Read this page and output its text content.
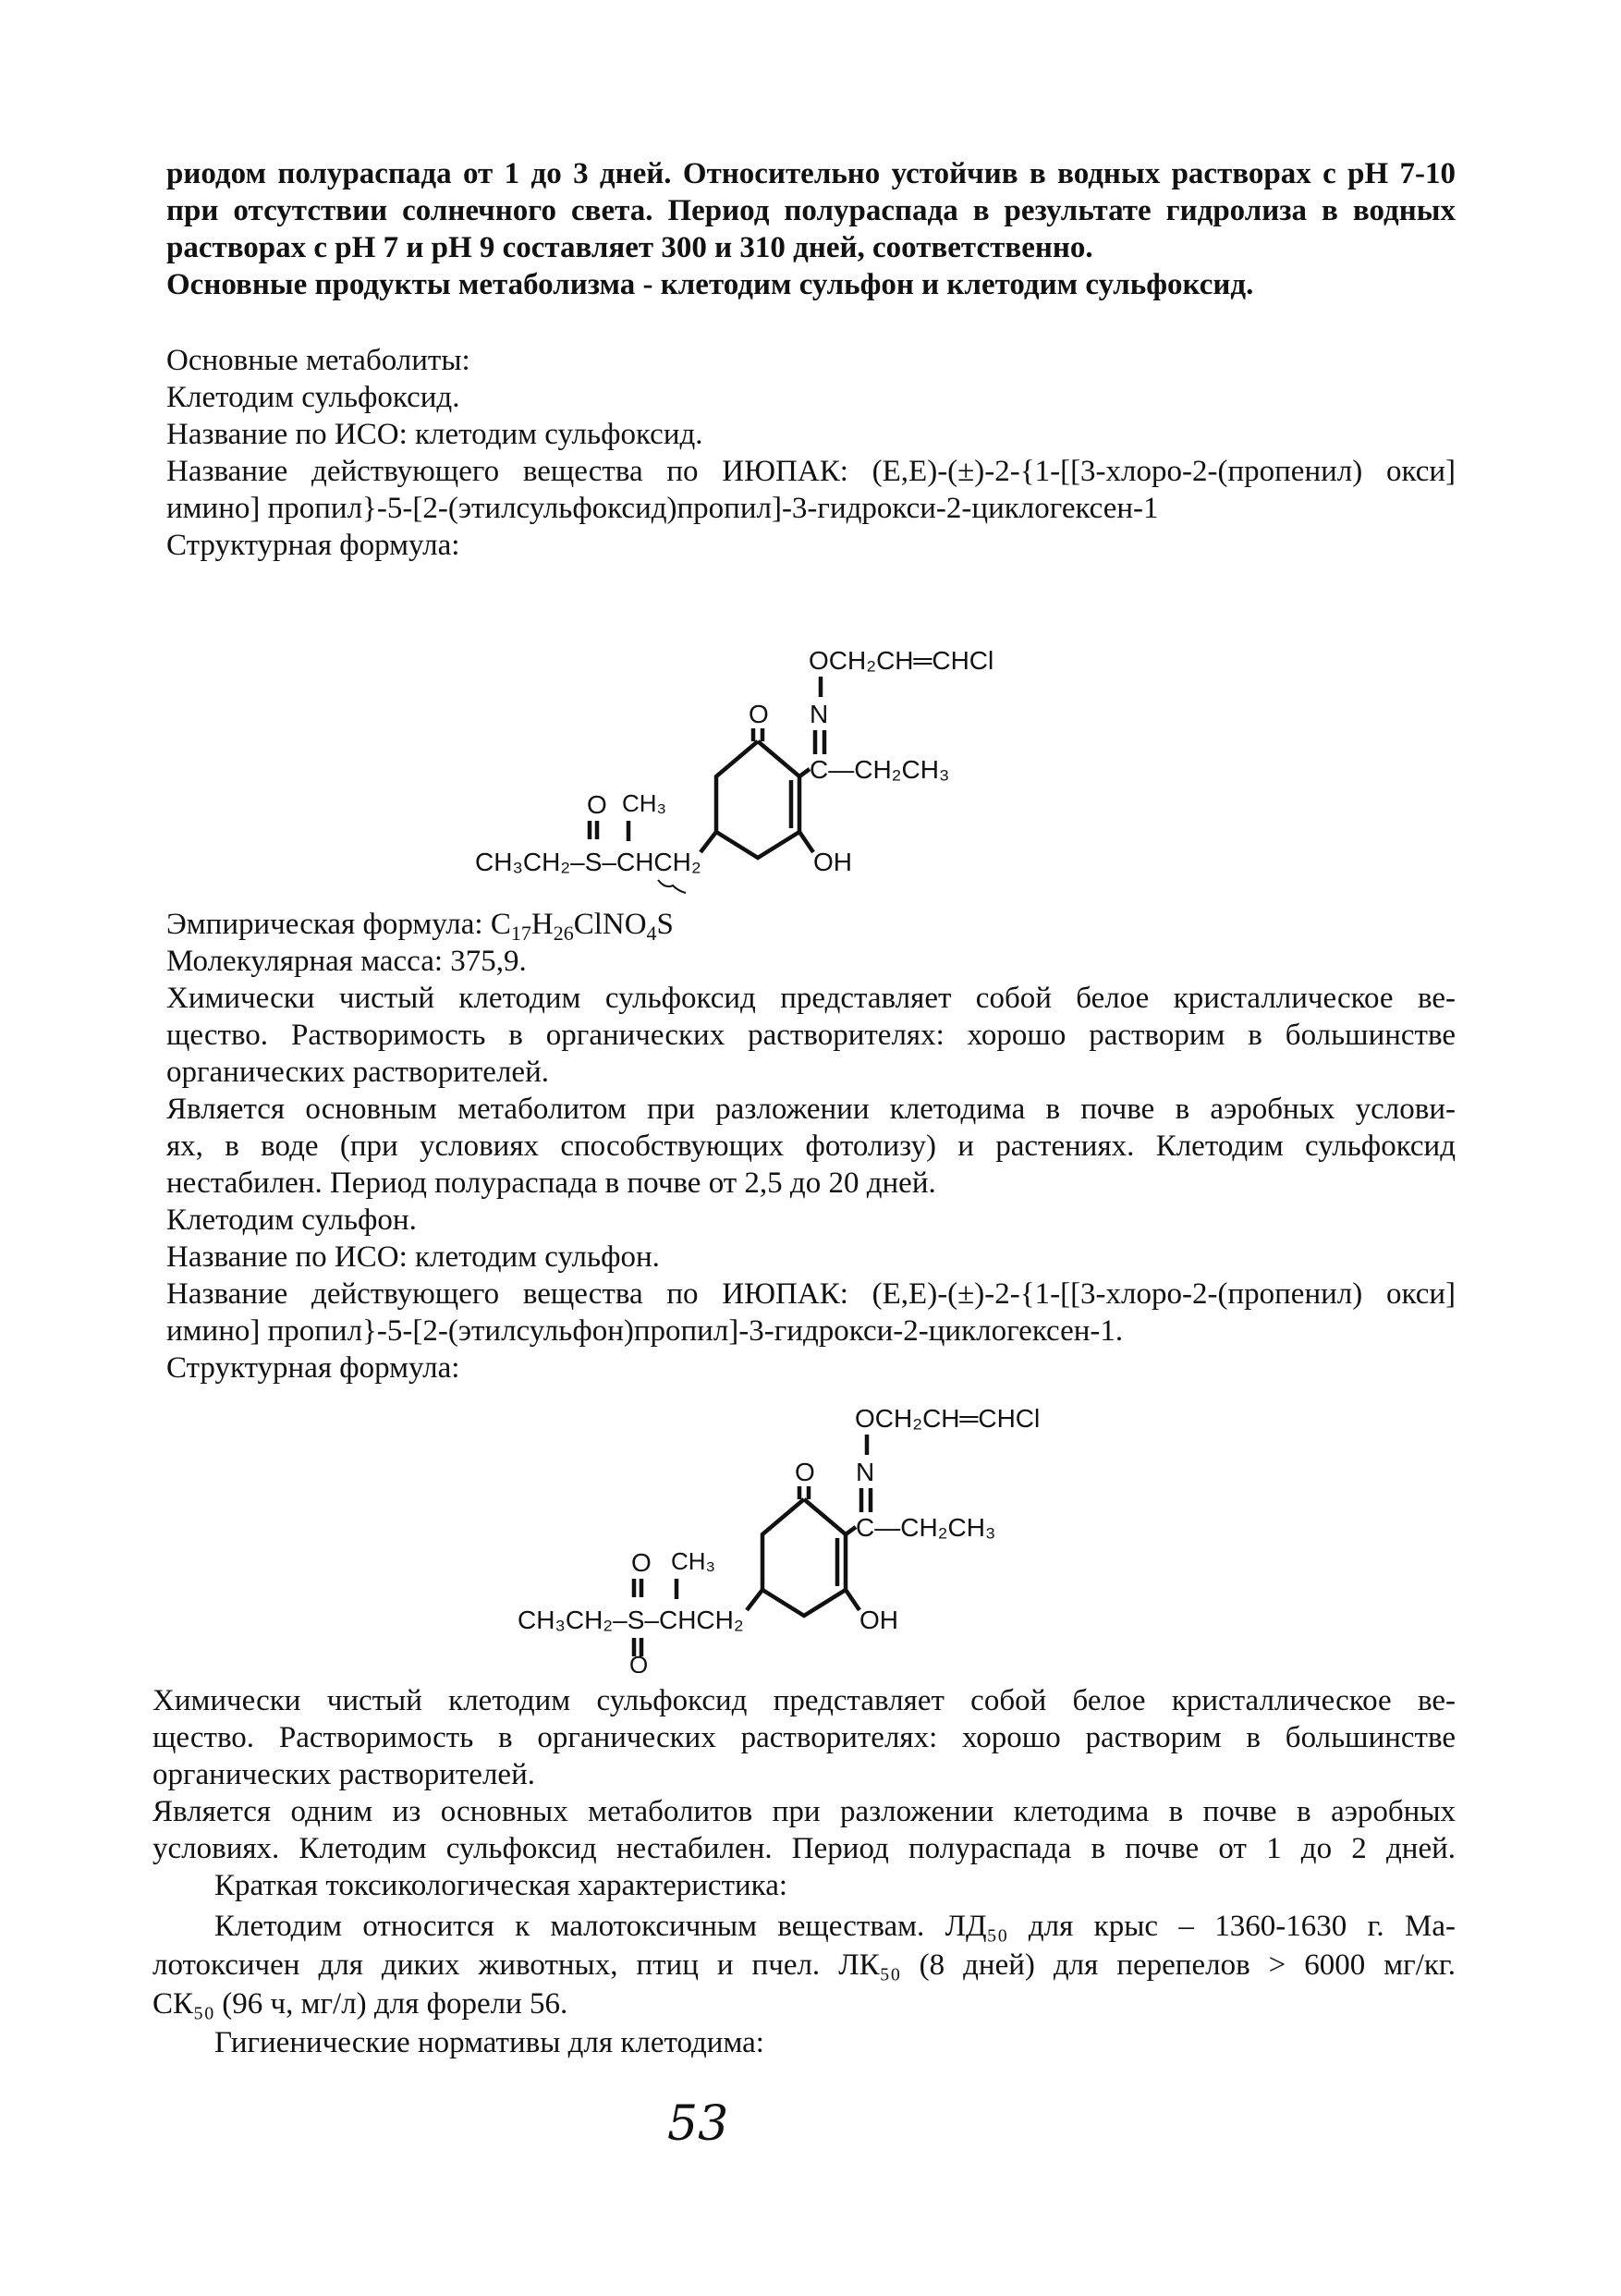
риодом полураспада от 1 до 3 дней. Относительно устойчив в водных растворах с рН 7-10
при отсутствии солнечного света. Период полураспада в результате гидролиза в водных
растворах с рН 7 и рН 9 составляет 300 и 310 дней, соответственно.
Основные продукты метаболизма - клетодим сульфон и клетодим сульфоксид.
Основные метаболиты:
Клетодим сульфоксид.
Название по ИСО: клетодим сульфоксид.
Название действующего вещества по ИЮПАК: (Е,Е)-(±)-2-{1-[[3-хлоро-2-(пропенил) окси]
имино] пропил}-5-[2-(этилсульфоксид)пропил]-3-гидрокси-2-циклогексен-1
Структурная формула:
OCH₂CH═CHCl
N
C—CH₂CH₃
O
OH
O CH₃
CH₃CH₂–S–CHCH₂
Эмпирическая формула: $C_{17}H_{26}ClNO_4S$
Молекулярная масса: 375,9.
Химически чистый клетодим сульфоксид представляет собой белое кристаллическое ве-
щество. Растворимость в органических растворителях: хорошо растворим в большинстве
органических растворителей.
Является основным метаболитом при разложении клетодима в почве в аэробных услови-
ях, в воде (при условиях способствующих фотолизу) и растениях. Клетодим сульфоксид
нестабилен. Период полураспада в почве от 2,5 до 20 дней.
Клетодим сульфон.
Название по ИСО: клетодим сульфон.
Название действующего вещества по ИЮПАК: (Е,Е)-(±)-2-{1-[[3-хлоро-2-(пропенил) окси]
имино] пропил}-5-[2-(этилсульфон)пропил]-3-гидрокси-2-циклогексен-1.
Структурная формула:
OCH₂CH═CHCl
N
C—CH₂CH₃
O
OH
O CH₃
CH₃CH₂–S–CHCH₂
O
Химически чистый клетодим сульфоксид представляет собой белое кристаллическое ве-
щество. Растворимость в органических растворителях: хорошо растворим в большинстве
органических растворителей.
Является одним из основных метаболитов при разложении клетодима в почве в аэробных
условиях. Клетодим сульфоксид нестабилен. Период полураспада в почве от 1 до 2 дней.
Краткая токсикологическая характеристика:
Клетодим относится к малотоксичным веществам. ЛД₅₀ для крыс – 1360-1630 г. Ма-
лотоксичен для диких животных, птиц и пчел. ЛК₅₀ (8 дней) для перепелов > 6000 мг/кг.
СК₅₀ (96 ч, мг/л) для форели 56.
Гигиенические нормативы для клетодима:
53
